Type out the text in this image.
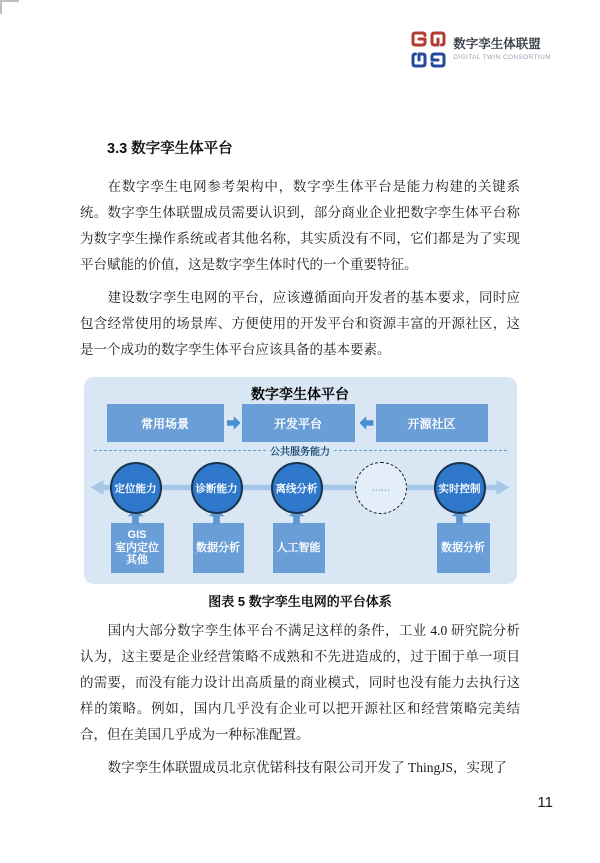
数字孪生体联盟
DIGITAL TWIN CONSORTIUM
3.3 数字孪生体平台

在数字孪生电网参考架构中，数字孪生体平台是能力构建的关键系统。数字孪生体联盟成员需要认识到，部分商业企业把数字孪生体平台称为数字孪生操作系统或者其他名称，其实质没有不同，它们都是为了实现平台赋能的价值，这是数字孪生体时代的一个重要特征。

建设数字孪生电网的平台，应该遵循面向开发者的基本要求，同时应包含经常使用的场景库、方便使用的开发平台和资源丰富的开源社区，这是一个成功的数字孪生体平台应该具备的基本要素。

数字孪生体平台
常用场景	开发平台	开源社区
公共服务能力
定位能力	诊断能力	离线分析	……	实时控制
GIS
室内定位
其他
数据分析	人工智能	数据分析
图表 5 数字孪生电网的平台体系

国内大部分数字孪生体平台不满足这样的条件，工业 4.0 研究院分析认为，这主要是企业经营策略不成熟和不先进造成的，过于囿于单一项目的需要，而没有能力设计出高质量的商业模式，同时也没有能力去执行这样的策略。例如，国内几乎没有企业可以把开源社区和经营策略完美结合，但在美国几乎成为一种标准配置。

数字孪生体联盟成员北京优锘科技有限公司开发了 ThingJS，实现了

11
